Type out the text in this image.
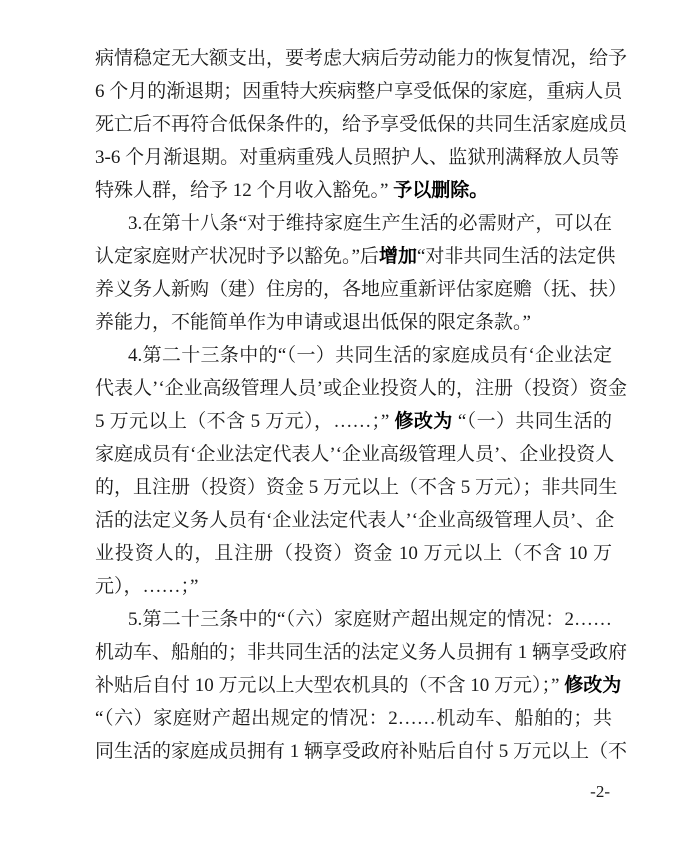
病情稳定无大额支出，要考虑大病后劳动能力的恢复情况，给予
6 个月的渐退期；因重特大疾病整户享受低保的家庭，重病人员
死亡后不再符合低保条件的，给予享受低保的共同生活家庭成员
3-6 个月渐退期。对重病重残人员照护人、监狱刑满释放人员等
特殊人群，给予 12 个月收入豁免。” 予以删除。
3.在第十八条“对于维持家庭生产生活的必需财产，可以在
认定家庭财产状况时予以豁免。”后增加“对非共同生活的法定供
养义务人新购（建）住房的，各地应重新评估家庭赡（抚、扶）
养能力，不能简单作为申请或退出低保的限定条款。”
4.第二十三条中的“（一）共同生活的家庭成员有‘企业法定
代表人’‘企业高级管理人员’或企业投资人的，注册（投资）资金
5 万元以上（不含 5 万元），……；” 修改为 “（一）共同生活的
家庭成员有‘企业法定代表人’‘企业高级管理人员’、企业投资人
的，且注册（投资）资金 5 万元以上（不含 5 万元）；非共同生
活的法定义务人员有‘企业法定代表人’‘企业高级管理人员’、企
业投资人的，且注册（投资）资金 10 万元以上（不含 10 万
元），……；”
5.第二十三条中的“（六）家庭财产超出规定的情况：2……
机动车、船舶的；非共同生活的法定义务人员拥有 1 辆享受政府
补贴后自付 10 万元以上大型农机具的（不含 10 万元）；” 修改为
“（六）家庭财产超出规定的情况：2……机动车、船舶的；共
同生活的家庭成员拥有 1 辆享受政府补贴后自付 5 万元以上（不
-2-
